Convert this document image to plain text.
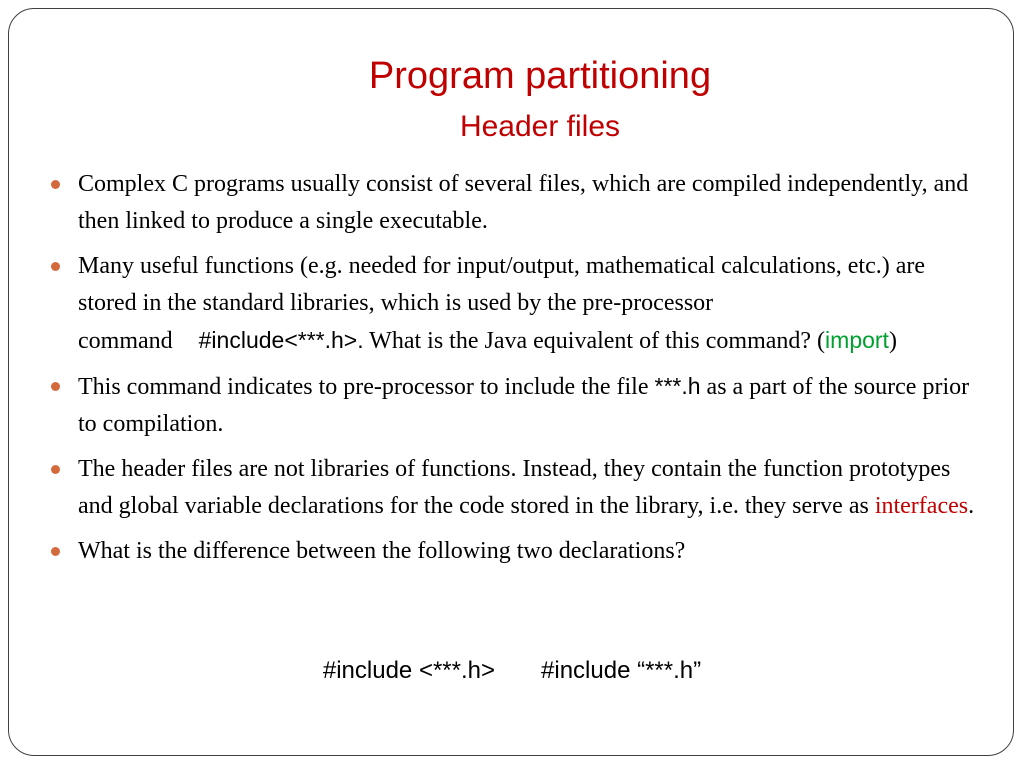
Program partitioning
Header files
Complex C programs usually consist of several files, which are compiled independently, and then linked to produce a single executable.
Many useful functions (e.g. needed for input/output, mathematical calculations, etc.) are stored in the standard libraries, which is used by the pre-processor command #include<***.h>. What is the Java equivalent of this command? (import)
This command indicates to pre-processor to include the file ***.h as a part of the source prior to compilation.
The header files are not libraries of functions. Instead, they contain the function prototypes and global variable declarations for the code stored in the library, i.e. they serve as interfaces.
What is the difference between the following two declarations?
#include <***.h> #include “***.h”
